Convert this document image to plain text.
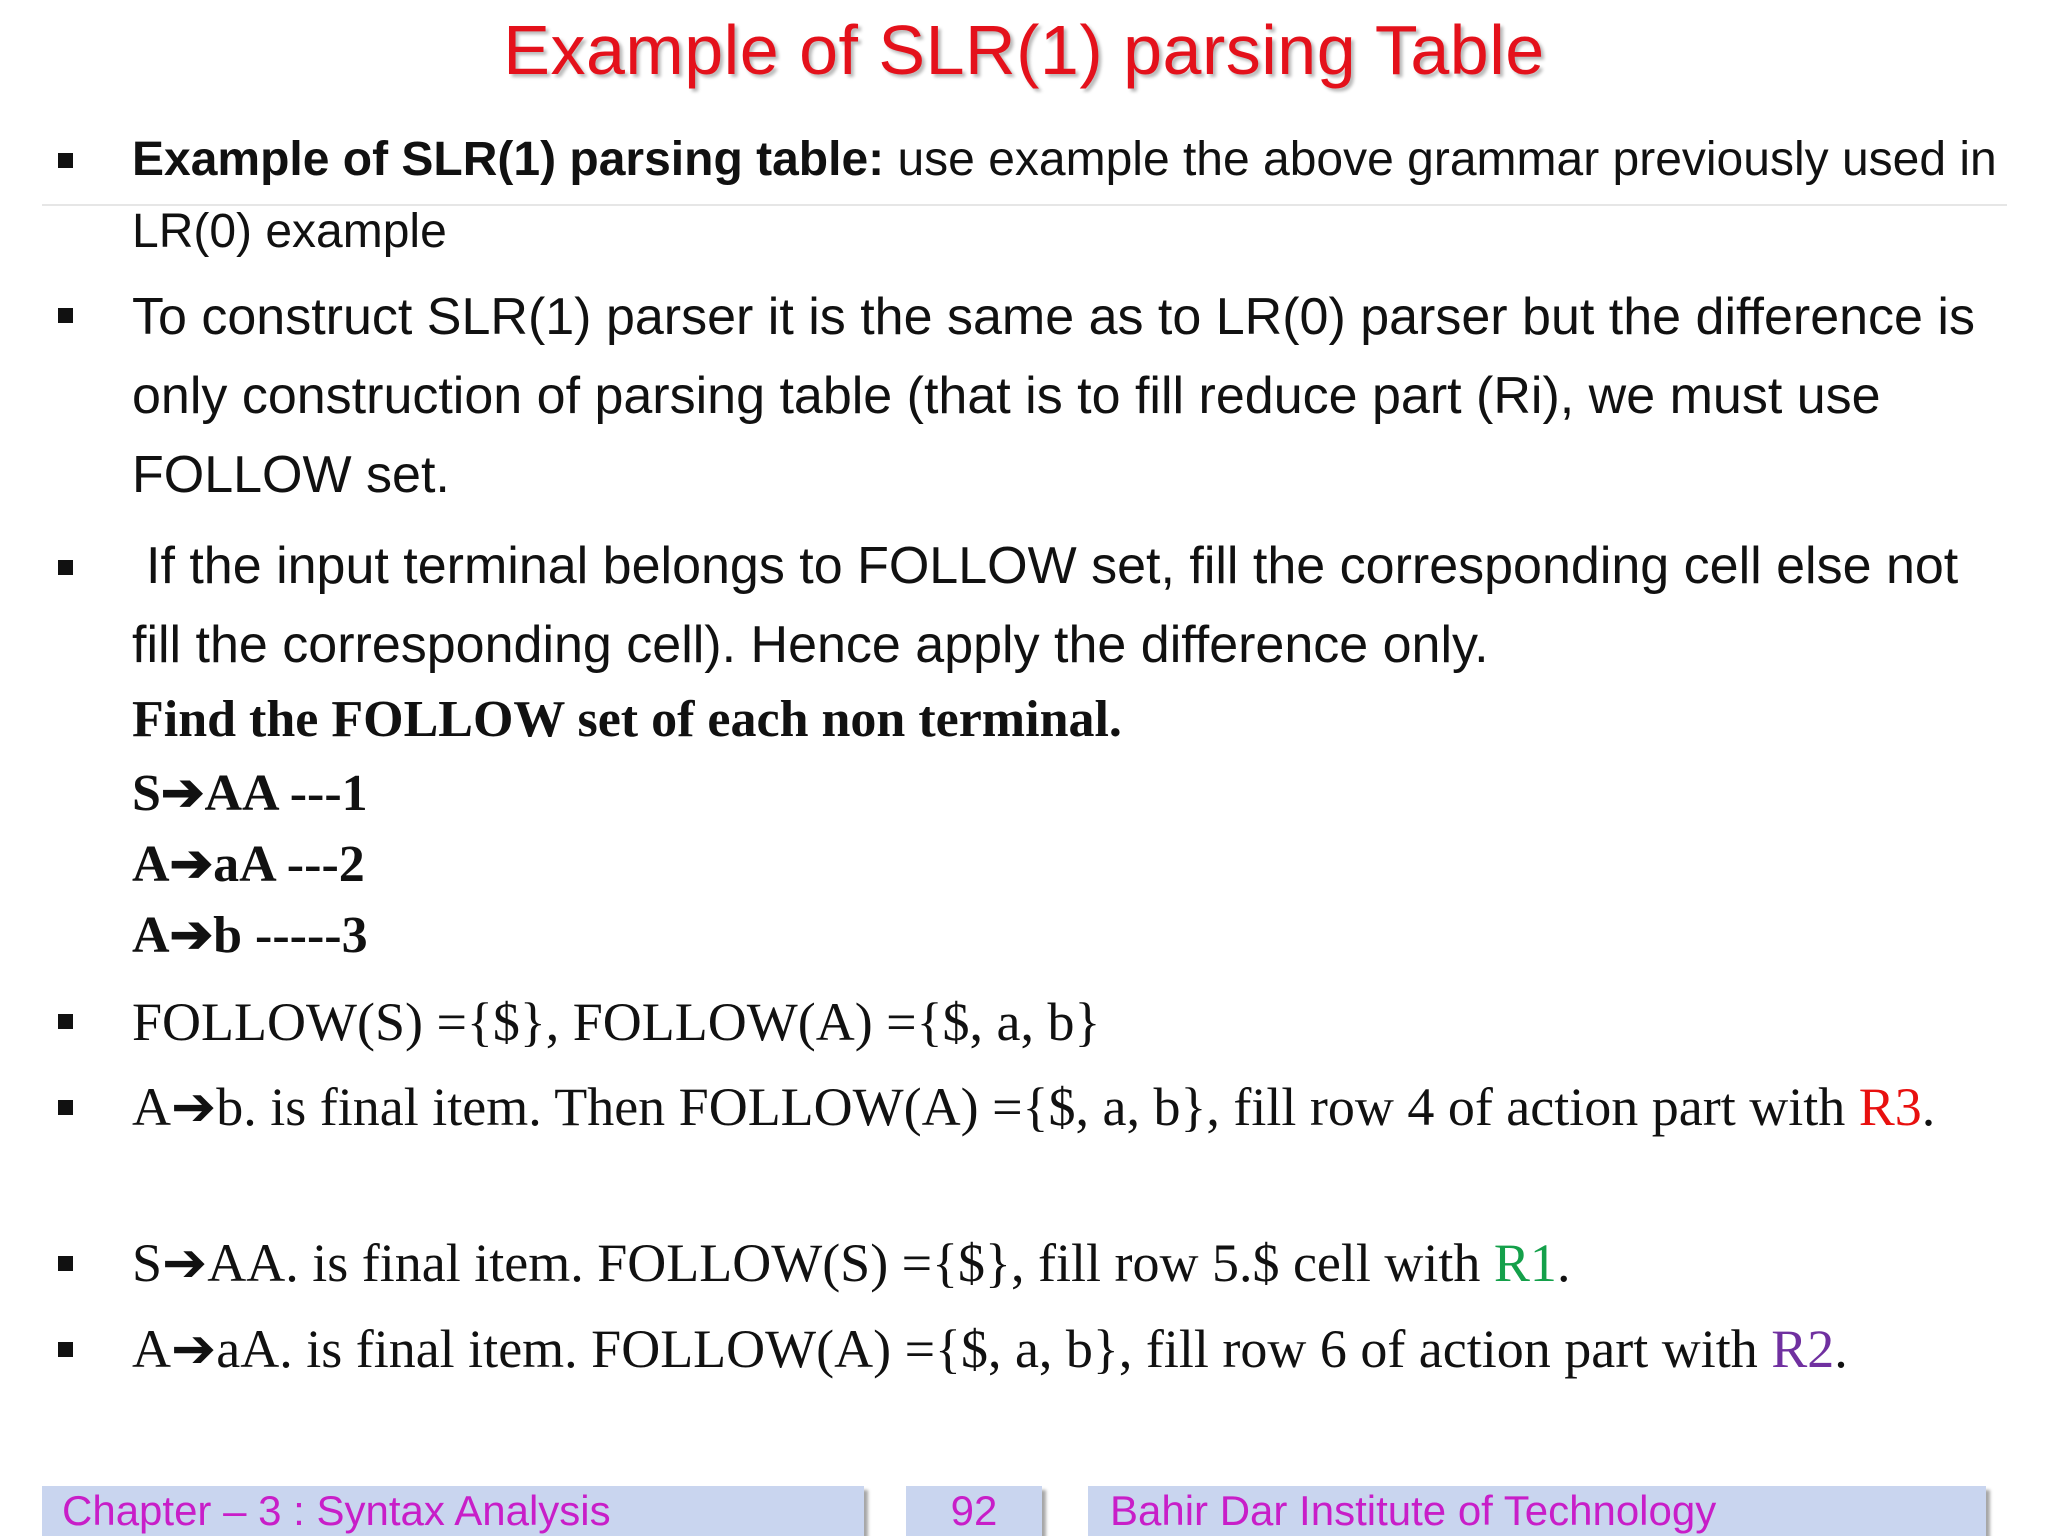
Example of SLR(1) parsing Table

Example of SLR(1) parsing table: use example the above grammar previously used in LR(0) example

To construct SLR(1) parser it is the same as to LR(0) parser but the difference is only construction of parsing table (that is to fill reduce part (Ri), we must use FOLLOW set.

If the input terminal belongs to FOLLOW set, fill the corresponding cell else not fill the corresponding cell). Hence apply the difference only.

Find the FOLLOW set of each non terminal.
S➔AA ---1
A➔aA ---2
A➔b -----3

FOLLOW(S) ={$}, FOLLOW(A) ={$, a, b}

A➔b. is final item. Then FOLLOW(A) ={$, a, b}, fill row 4 of action part with R3.

S➔AA. is final item. FOLLOW(S) ={$}, fill row 5.$ cell with R1.

A➔aA. is final item. FOLLOW(A) ={$, a, b}, fill row 6 of action part with R2.

Chapter – 3 : Syntax Analysis	92	Bahir Dar Institute of Technology
